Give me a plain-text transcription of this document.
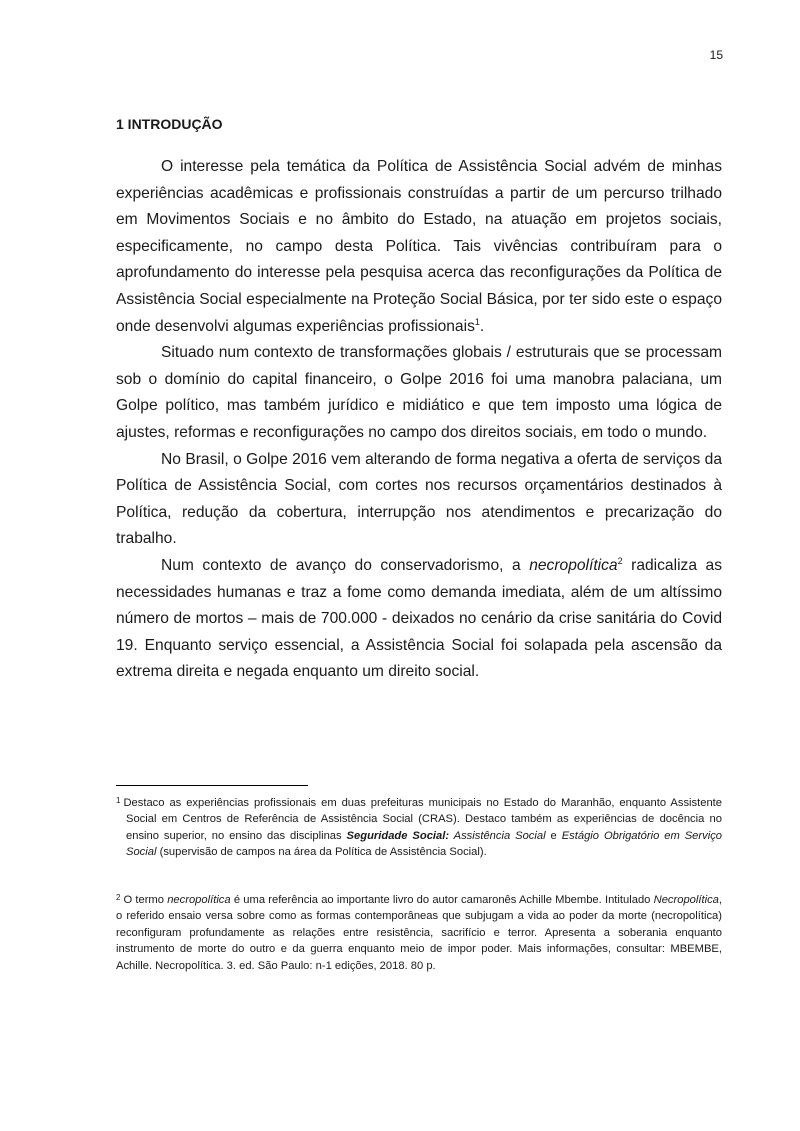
15
1 INTRODUÇÃO

O interesse pela temática da Política de Assistência Social advém de minhas experiências acadêmicas e profissionais construídas a partir de um percurso trilhado em Movimentos Sociais e no âmbito do Estado, na atuação em projetos sociais, especificamente, no campo desta Política. Tais vivências contribuíram para o aprofundamento do interesse pela pesquisa acerca das reconfigurações da Política de Assistência Social especialmente na Proteção Social Básica, por ter sido este o espaço onde desenvolvi algumas experiências profissionais$^1$.

Situado num contexto de transformações globais / estruturais que se processam sob o domínio do capital financeiro, o Golpe 2016 foi uma manobra palaciana, um Golpe político, mas também jurídico e midiático e que tem imposto uma lógica de ajustes, reformas e reconfigurações no campo dos direitos sociais, em todo o mundo.

No Brasil, o Golpe 2016 vem alterando de forma negativa a oferta de serviços da Política de Assistência Social, com cortes nos recursos orçamentários destinados à Política, redução da cobertura, interrupção nos atendimentos e precarização do trabalho.

Num contexto de avanço do conservadorismo, a necropolítica$^2$ radicaliza as necessidades humanas e traz a fome como demanda imediata, além de um altíssimo número de mortos – mais de 700.000 - deixados no cenário da crise sanitária do Covid 19. Enquanto serviço essencial, a Assistência Social foi solapada pela ascensão da extrema direita e negada enquanto um direito social.

$^1$ Destaco as experiências profissionais em duas prefeituras municipais no Estado do Maranhão, enquanto Assistente Social em Centros de Referência de Assistência Social (CRAS). Destaco também as experiências de docência no ensino superior, no ensino das disciplinas Seguridade Social: Assistência Social e Estágio Obrigatório em Serviço Social (supervisão de campos na área da Política de Assistência Social).

$^2$ O termo necropolítica é uma referência ao importante livro do autor camaronês Achille Mbembe. Intitulado Necropolítica, o referido ensaio versa sobre como as formas contemporâneas que subjugam a vida ao poder da morte (necropolítica) reconfiguram profundamente as relações entre resistência, sacrifício e terror. Apresenta a soberania enquanto instrumento de morte do outro e da guerra enquanto meio de impor poder. Mais informações, consultar: MBEMBE, Achille. Necropolítica. 3. ed. São Paulo: n-1 edições, 2018. 80 p.
